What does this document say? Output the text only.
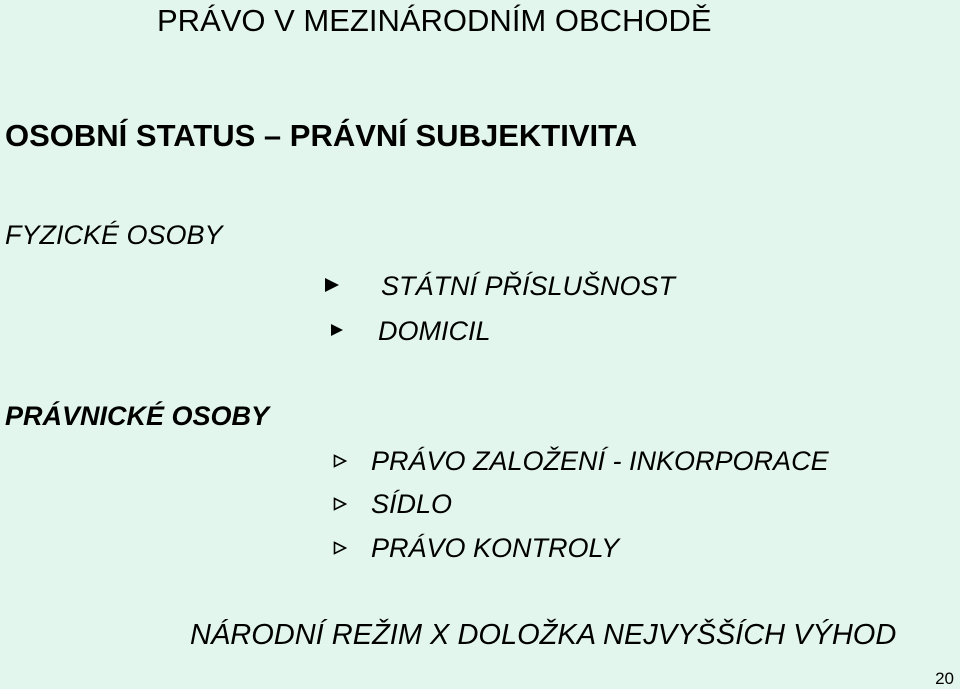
PRÁVO V MEZINÁRODNÍM OBCHODĚ
OSOBNÍ STATUS – PRÁVNÍ SUBJEKTIVITA
FYZICKÉ OSOBY
STÁTNÍ PŘÍSLUŠNOST
DOMICIL
PRÁVNICKÉ OSOBY
PRÁVO ZALOŽENÍ - INKORPORACE
SÍDLO
PRÁVO KONTROLY
NÁRODNÍ REŽIM X DOLOŽKA NEJVYŠŠÍCH VÝHOD
20
